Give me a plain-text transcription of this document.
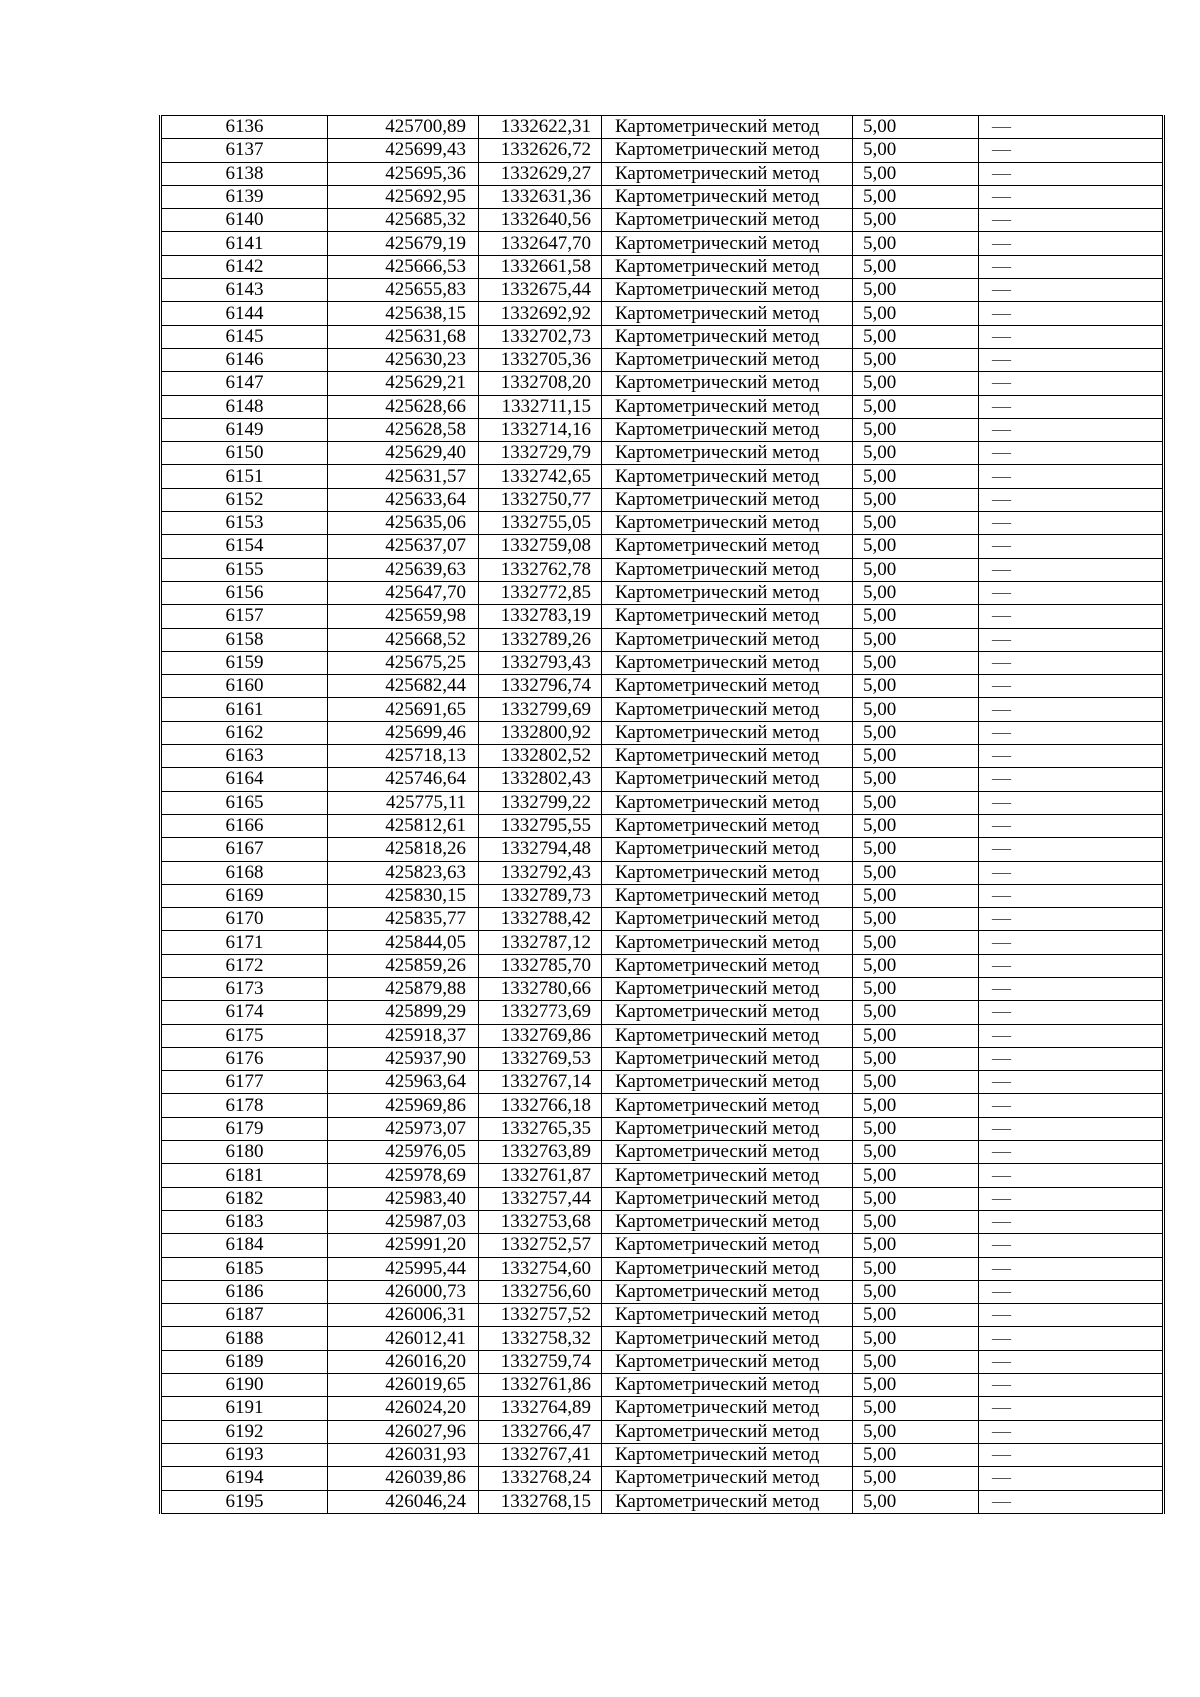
6136	425700,89	1332622,31	Картометрический метод	5,00	—
6137	425699,43	1332626,72	Картометрический метод	5,00	—
6138	425695,36	1332629,27	Картометрический метод	5,00	—
6139	425692,95	1332631,36	Картометрический метод	5,00	—
6140	425685,32	1332640,56	Картометрический метод	5,00	—
6141	425679,19	1332647,70	Картометрический метод	5,00	—
6142	425666,53	1332661,58	Картометрический метод	5,00	—
6143	425655,83	1332675,44	Картометрический метод	5,00	—
6144	425638,15	1332692,92	Картометрический метод	5,00	—
6145	425631,68	1332702,73	Картометрический метод	5,00	—
6146	425630,23	1332705,36	Картометрический метод	5,00	—
6147	425629,21	1332708,20	Картометрический метод	5,00	—
6148	425628,66	1332711,15	Картометрический метод	5,00	—
6149	425628,58	1332714,16	Картометрический метод	5,00	—
6150	425629,40	1332729,79	Картометрический метод	5,00	—
6151	425631,57	1332742,65	Картометрический метод	5,00	—
6152	425633,64	1332750,77	Картометрический метод	5,00	—
6153	425635,06	1332755,05	Картометрический метод	5,00	—
6154	425637,07	1332759,08	Картометрический метод	5,00	—
6155	425639,63	1332762,78	Картометрический метод	5,00	—
6156	425647,70	1332772,85	Картометрический метод	5,00	—
6157	425659,98	1332783,19	Картометрический метод	5,00	—
6158	425668,52	1332789,26	Картометрический метод	5,00	—
6159	425675,25	1332793,43	Картометрический метод	5,00	—
6160	425682,44	1332796,74	Картометрический метод	5,00	—
6161	425691,65	1332799,69	Картометрический метод	5,00	—
6162	425699,46	1332800,92	Картометрический метод	5,00	—
6163	425718,13	1332802,52	Картометрический метод	5,00	—
6164	425746,64	1332802,43	Картометрический метод	5,00	—
6165	425775,11	1332799,22	Картометрический метод	5,00	—
6166	425812,61	1332795,55	Картометрический метод	5,00	—
6167	425818,26	1332794,48	Картометрический метод	5,00	—
6168	425823,63	1332792,43	Картометрический метод	5,00	—
6169	425830,15	1332789,73	Картометрический метод	5,00	—
6170	425835,77	1332788,42	Картометрический метод	5,00	—
6171	425844,05	1332787,12	Картометрический метод	5,00	—
6172	425859,26	1332785,70	Картометрический метод	5,00	—
6173	425879,88	1332780,66	Картометрический метод	5,00	—
6174	425899,29	1332773,69	Картометрический метод	5,00	—
6175	425918,37	1332769,86	Картометрический метод	5,00	—
6176	425937,90	1332769,53	Картометрический метод	5,00	—
6177	425963,64	1332767,14	Картометрический метод	5,00	—
6178	425969,86	1332766,18	Картометрический метод	5,00	—
6179	425973,07	1332765,35	Картометрический метод	5,00	—
6180	425976,05	1332763,89	Картометрический метод	5,00	—
6181	425978,69	1332761,87	Картометрический метод	5,00	—
6182	425983,40	1332757,44	Картометрический метод	5,00	—
6183	425987,03	1332753,68	Картометрический метод	5,00	—
6184	425991,20	1332752,57	Картометрический метод	5,00	—
6185	425995,44	1332754,60	Картометрический метод	5,00	—
6186	426000,73	1332756,60	Картометрический метод	5,00	—
6187	426006,31	1332757,52	Картометрический метод	5,00	—
6188	426012,41	1332758,32	Картометрический метод	5,00	—
6189	426016,20	1332759,74	Картометрический метод	5,00	—
6190	426019,65	1332761,86	Картометрический метод	5,00	—
6191	426024,20	1332764,89	Картометрический метод	5,00	—
6192	426027,96	1332766,47	Картометрический метод	5,00	—
6193	426031,93	1332767,41	Картометрический метод	5,00	—
6194	426039,86	1332768,24	Картометрический метод	5,00	—
6195	426046,24	1332768,15	Картометрический метод	5,00	—
